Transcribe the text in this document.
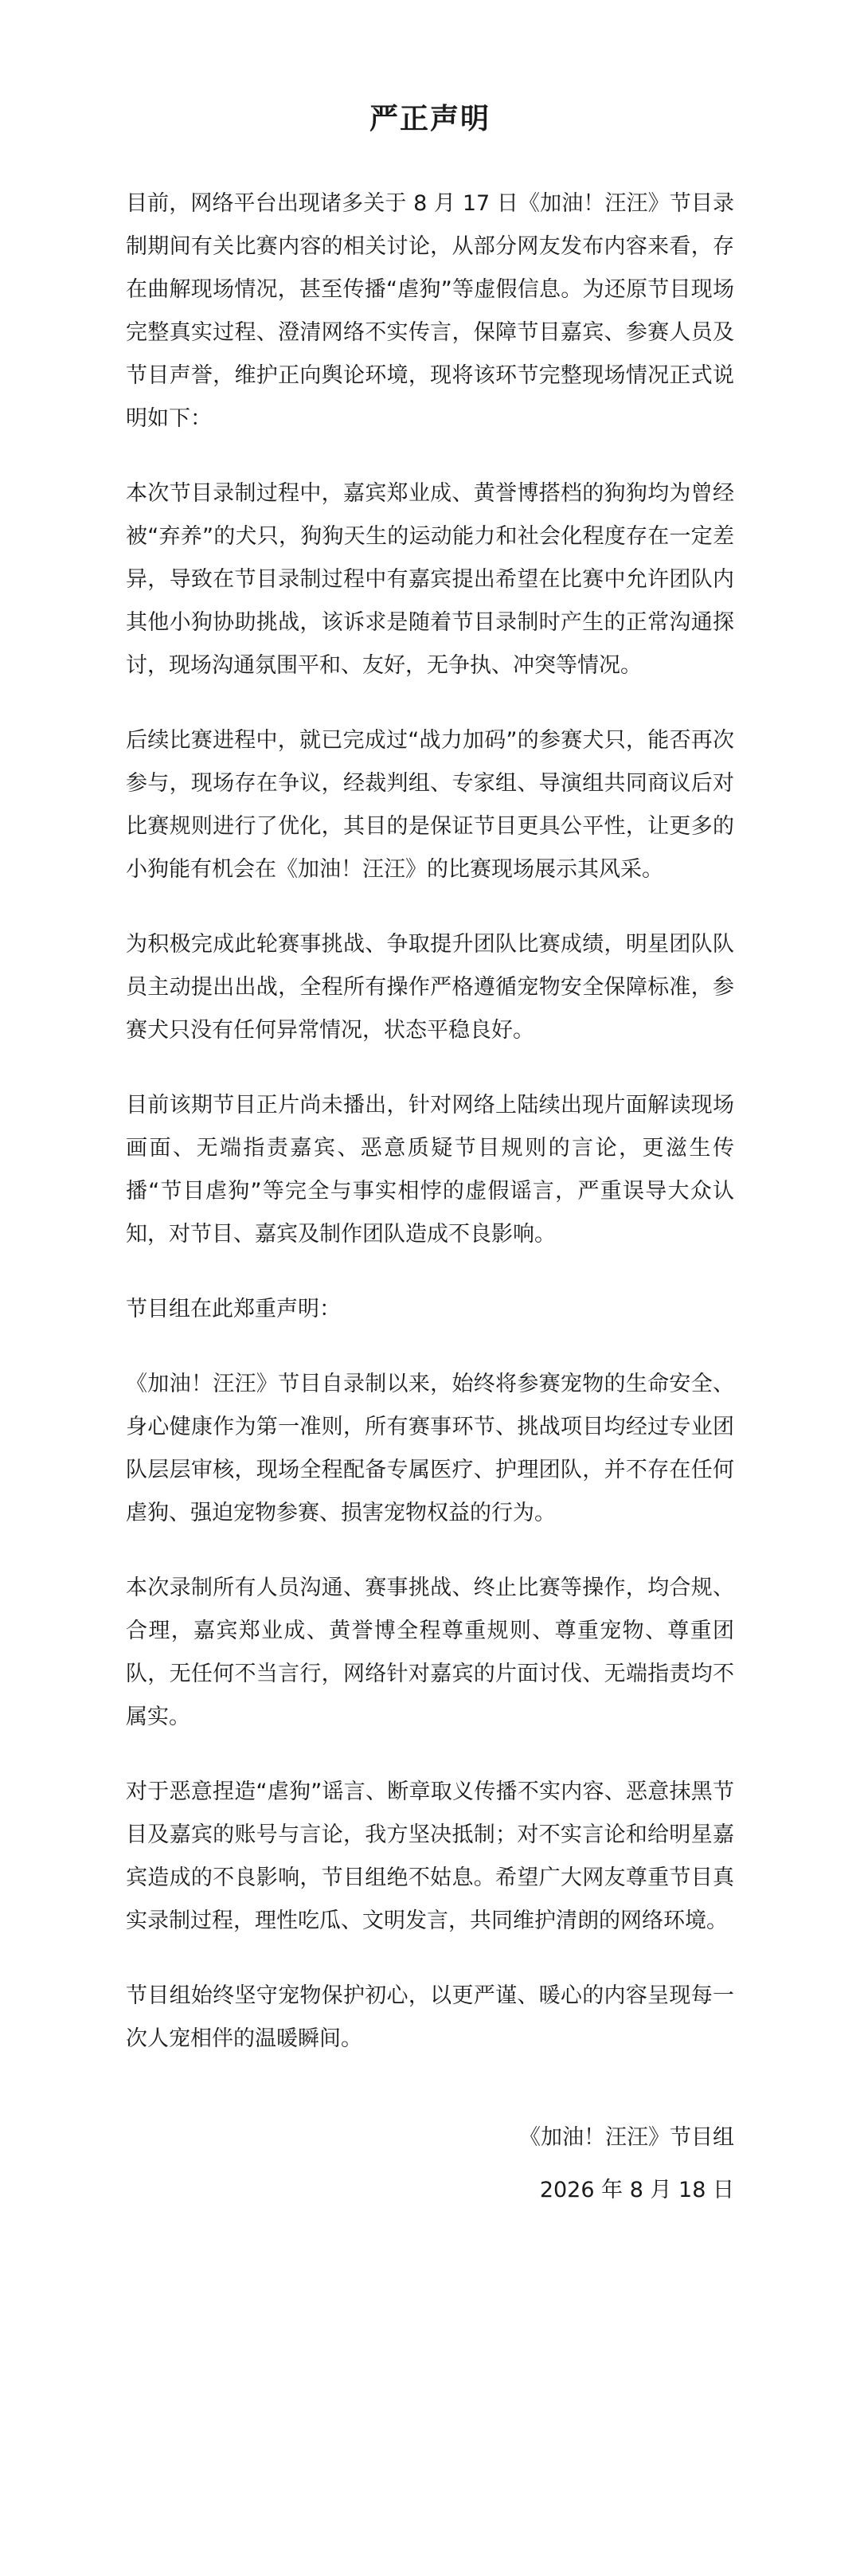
严正声明

目前，网络平台出现诸多关于 8 月 17 日《加油！汪汪》节目录制期间有关比赛内容的相关讨论，从部分网友发布内容来看，存在曲解现场情况，甚至传播“虐狗”等虚假信息。为还原节目现场完整真实过程、澄清网络不实传言，保障节目嘉宾、参赛人员及节目声誉，维护正向舆论环境，现将该环节完整现场情况正式说明如下：

本次节目录制过程中，嘉宾郑业成、黄誉博搭档的狗狗均为曾经被“弃养”的犬只，狗狗天生的运动能力和社会化程度存在一定差异，导致在节目录制过程中有嘉宾提出希望在比赛中允许团队内其他小狗协助挑战，该诉求是随着节目录制时产生的正常沟通探讨，现场沟通氛围平和、友好，无争执、冲突等情况。

后续比赛进程中，就已完成过“战力加码”的参赛犬只，能否再次参与，现场存在争议，经裁判组、专家组、导演组共同商议后对比赛规则进行了优化，其目的是保证节目更具公平性，让更多的小狗能有机会在《加油！汪汪》的比赛现场展示其风采。

为积极完成此轮赛事挑战、争取提升团队比赛成绩，明星团队队员主动提出出战，全程所有操作严格遵循宠物安全保障标准，参赛犬只没有任何异常情况，状态平稳良好。

目前该期节目正片尚未播出，针对网络上陆续出现片面解读现场画面、无端指责嘉宾、恶意质疑节目规则的言论，更滋生传播“节目虐狗”等完全与事实相悖的虚假谣言，严重误导大众认知，对节目、嘉宾及制作团队造成不良影响。

节目组在此郑重声明：

《加油！汪汪》节目自录制以来，始终将参赛宠物的生命安全、身心健康作为第一准则，所有赛事环节、挑战项目均经过专业团队层层审核，现场全程配备专属医疗、护理团队，并不存在任何虐狗、强迫宠物参赛、损害宠物权益的行为。

本次录制所有人员沟通、赛事挑战、终止比赛等操作，均合规、合理，嘉宾郑业成、黄誉博全程尊重规则、尊重宠物、尊重团队，无任何不当言行，网络针对嘉宾的片面讨伐、无端指责均不属实。

对于恶意捏造“虐狗”谣言、断章取义传播不实内容、恶意抹黑节目及嘉宾的账号与言论，我方坚决抵制；对不实言论和给明星嘉宾造成的不良影响，节目组绝不姑息。希望广大网友尊重节目真实录制过程，理性吃瓜、文明发言，共同维护清朗的网络环境。

节目组始终坚守宠物保护初心，以更严谨、暖心的内容呈现每一次人宠相伴的温暖瞬间。

《加油！汪汪》节目组
2026 年 8 月 18 日
